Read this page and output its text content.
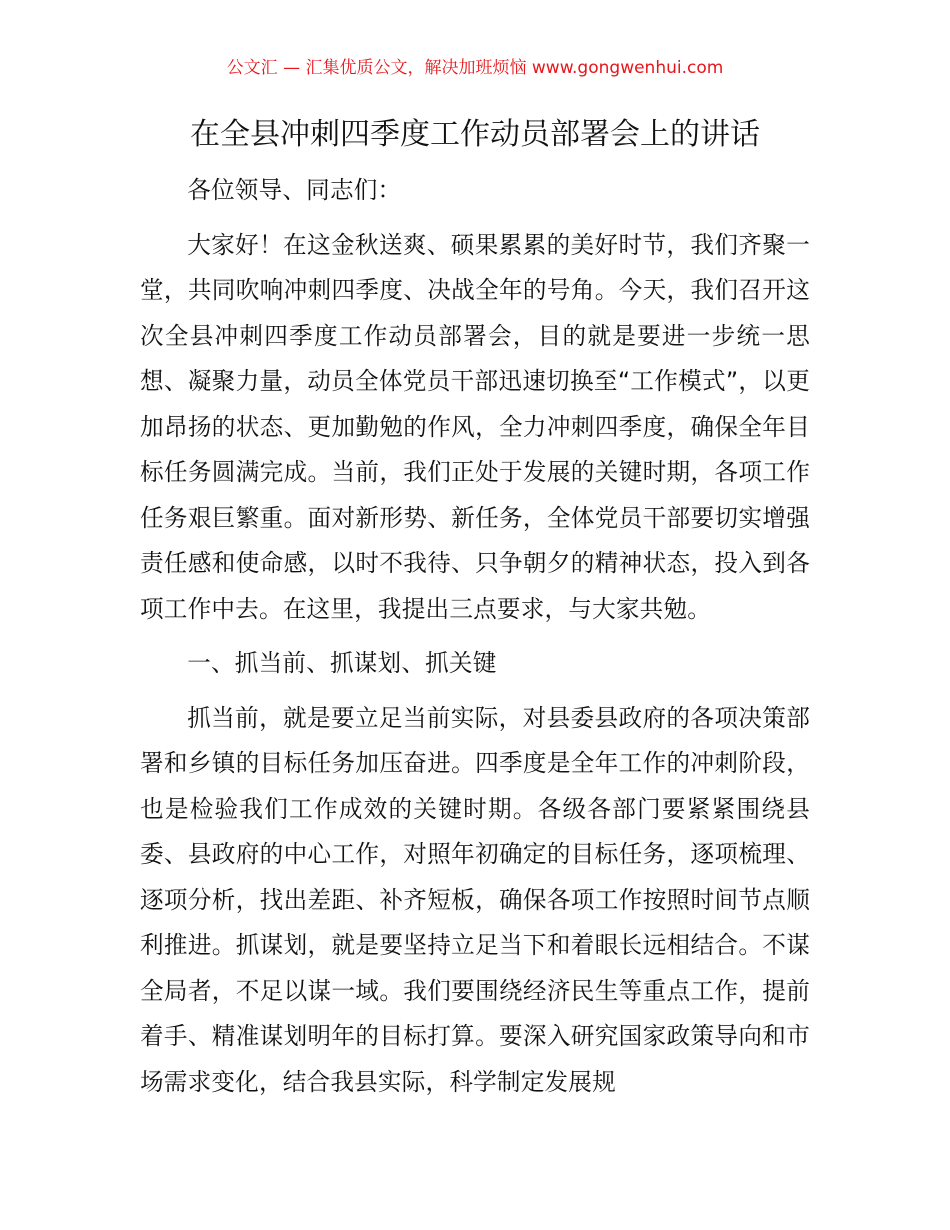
公文汇 — 汇集优质公文，解决加班烦恼 www.gongwenhui.com
在全县冲刺四季度工作动员部署会上的讲话

各位领导、同志们：

大家好！在这金秋送爽、硕果累累的美好时节，我们齐聚一堂，共同吹响冲刺四季度、决战全年的号角。今天，我们召开这次全县冲刺四季度工作动员部署会，目的就是要进一步统一思想、凝聚力量，动员全体党员干部迅速切换至“工作模式”，以更加昂扬的状态、更加勤勉的作风，全力冲刺四季度，确保全年目标任务圆满完成。当前，我们正处于发展的关键时期，各项工作任务艰巨繁重。面对新形势、新任务，全体党员干部要切实增强责任感和使命感，以时不我待、只争朝夕的精神状态，投入到各项工作中去。在这里，我提出三点要求，与大家共勉。

一、抓当前、抓谋划、抓关键

抓当前，就是要立足当前实际，对县委县政府的各项决策部署和乡镇的目标任务加压奋进。四季度是全年工作的冲刺阶段，也是检验我们工作成效的关键时期。各级各部门要紧紧围绕县委、县政府的中心工作，对照年初确定的目标任务，逐项梳理、逐项分析，找出差距、补齐短板，确保各项工作按照时间节点顺利推进。抓谋划，就是要坚持立足当下和着眼长远相结合。不谋全局者，不足以谋一域。我们要围绕经济民生等重点工作，提前着手、精准谋划明年的目标打算。要深入研究国家政策导向和市场需求变化，结合我县实际，科学制定发展规
